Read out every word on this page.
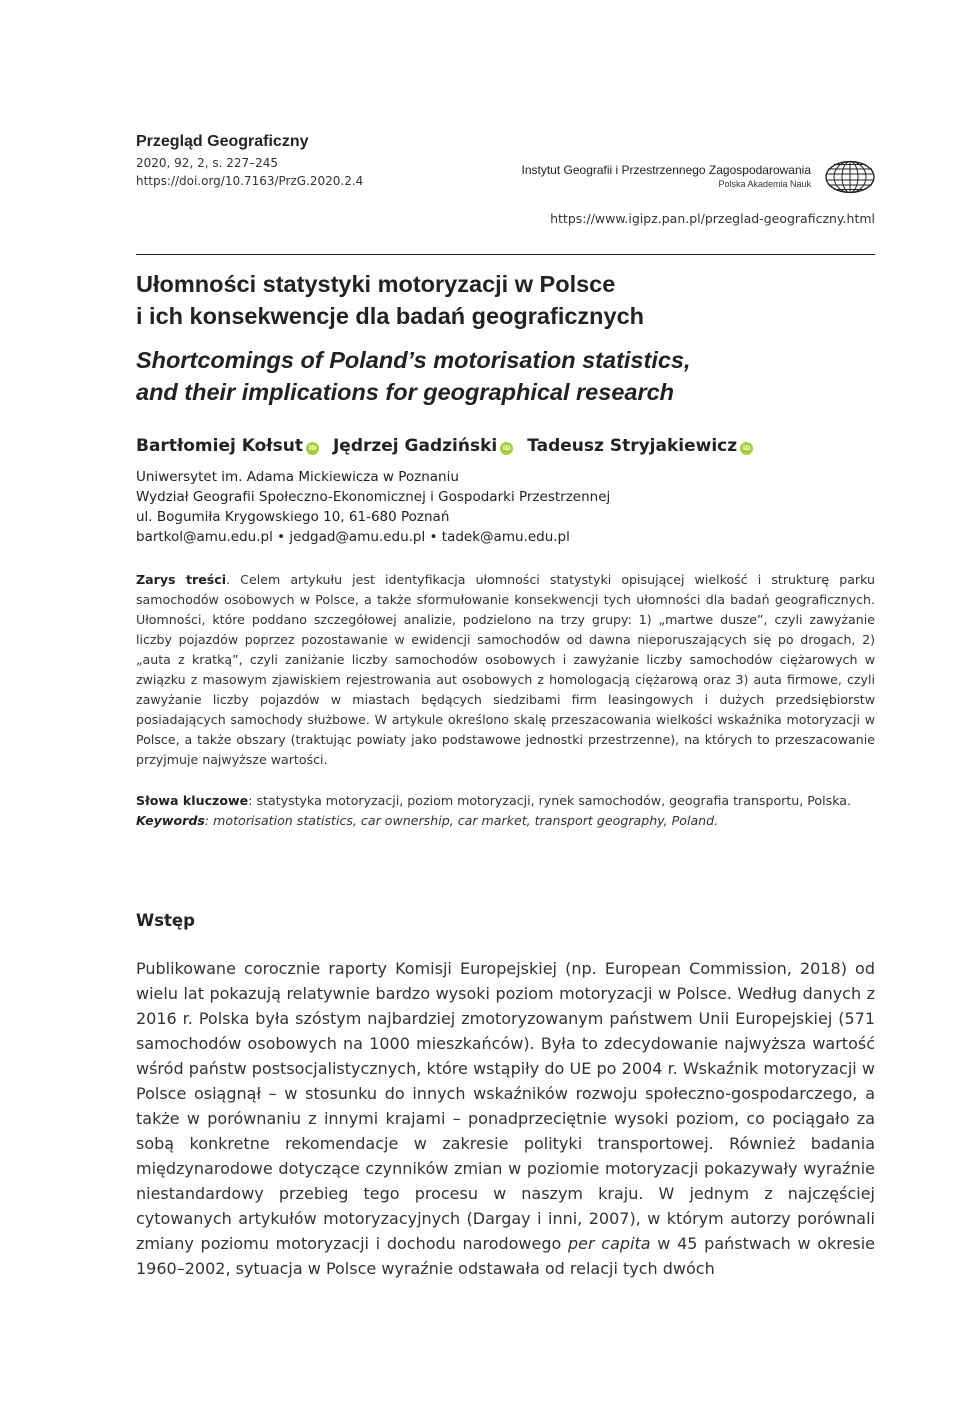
Przegląd Geograficzny
2020, 92, 2, s. 227–245
https://doi.org/10.7163/PrzG.2020.2.4
Instytut Geografii i Przestrzennego Zagospodarowania
Polska Akademia Nauk
https://www.igipz.pan.pl/przeglad-geograficzny.html
Ułomności statystyki motoryzacji w Polsce
i ich konsekwencje dla badań geograficznych
Shortcomings of Poland’s motorisation statistics,
and their implications for geographical research
Bartłomiej Kołsut iD Jędrzej Gadziński iD Tadeusz Stryjakiewicz iD
Uniwersytet im. Adama Mickiewicza w Poznaniu
Wydział Geografii Społeczno-Ekonomicznej i Gospodarki Przestrzennej
ul. Bogumiła Krygowskiego 10, 61-680 Poznań
bartkol@amu.edu.pl • jedgad@amu.edu.pl • tadek@amu.edu.pl
Zarys treści. Celem artykułu jest identyfikacja ułomności statystyki opisującej wielkość i strukturę parku samochodów osobowych w Polsce, a także sformułowanie konsekwencji tych ułomności dla badań geograficznych. Ułomności, które poddano szczegółowej analizie, podzielono na trzy grupy: 1) „martwe dusze”, czyli zawyżanie liczby pojazdów poprzez pozostawanie w ewidencji samochodów od dawna nieporuszających się po drogach, 2) „auta z kratką”, czyli zaniżanie liczby samochodów osobowych i zawyżanie liczby samochodów ciężarowych w związku z masowym zjawiskiem rejestrowania aut osobowych z homologacją ciężarową oraz 3) auta firmowe, czyli zawyżanie liczby pojazdów w miastach będących siedzibami firm leasingowych i dużych przedsiębiorstw posiadających samochody służbowe. W artykule określono skalę przeszacowania wielkości wskaźnika motoryzacji w Polsce, a także obszary (traktując powiaty jako podstawowe jednostki przestrzenne), na których to przeszacowanie przyjmuje najwyższe wartości.
Słowa kluczowe: statystyka motoryzacji, poziom motoryzacji, rynek samochodów, geografia transportu, Polska.
Keywords: motorisation statistics, car ownership, car market, transport geography, Poland.
Wstęp
Publikowane corocznie raporty Komisji Europejskiej (np. European Commission, 2018) od wielu lat pokazują relatywnie bardzo wysoki poziom motoryzacji w Polsce. Według danych z 2016 r. Polska była szóstym najbardziej zmotoryzowanym państwem Unii Europejskiej (571 samochodów osobowych na 1000 mieszkańców). Była to zdecydowanie najwyższa wartość wśród państw postsocjalistycznych, które wstąpiły do UE po 2004 r. Wskaźnik motoryzacji w Polsce osiągnął – w stosunku do innych wskaźników rozwoju społeczno-gospodarczego, a także w porównaniu z innymi krajami – ponadprzeciętnie wysoki poziom, co pociągało za sobą konkretne rekomendacje w zakresie polityki transportowej. Również badania międzynarodowe dotyczące czynników zmian w poziomie motoryzacji pokazywały wyraźnie niestandardowy przebieg tego procesu w naszym kraju. W jednym z najczęściej cytowanych artykułów motoryzacyjnych (Dargay i inni, 2007), w którym autorzy porównali zmiany poziomu motoryzacji i dochodu narodowego per capita w 45 państwach w okresie 1960–2002, sytuacja w Polsce wyraźnie odstawała od relacji tych dwóch
